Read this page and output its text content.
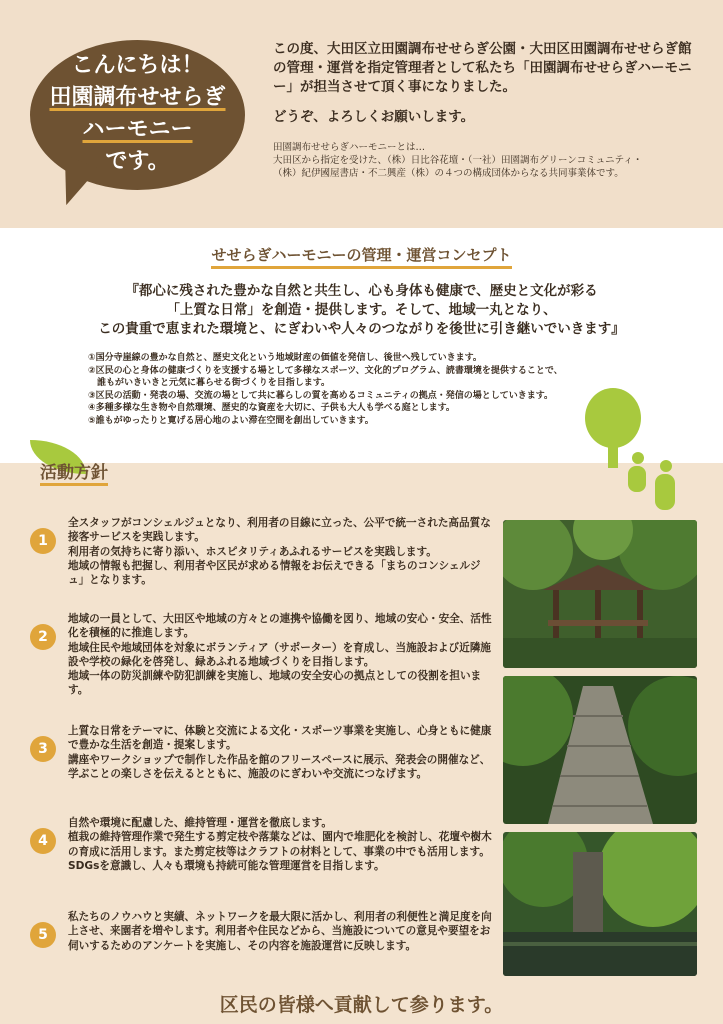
こんにちは！
田園調布せせらぎ
ハーモニー
です。

この度、大田区立田園調布せせらぎ公園・大田区田園調布せせらぎ館の管理・運営を指定管理者として私たち「田園調布せせらぎハーモニー」が担当させて頂く事になりました。

どうぞ、よろしくお願いします。

田園調布せせらぎハーモニーとは…

大田区から指定を受けた、（株）日比谷花壇・（一社）田園調布グリーンコミュニティ・

（株）紀伊國屋書店・不二興産（株）の４つの構成団体からなる共同事業体です。

せせらぎハーモニーの管理・運営コンセプト
『都心に残された豊かな自然と共生し、心も身体も健康で、歴史と文化が彩る
「上質な日常」を創造・提供します。そして、地域一丸となり、
この貴重で恵まれた環境と、にぎわいや人々のつながりを後世に引き継いでいきます』
①国分寺崖線の豊かな自然と、歴史文化という地域財産の価値を発信し、後世へ残していきます。
②区民の心と身体の健康づくりを支援する場として多様なスポーツ、文化的プログラム、読書環境を提供することで、
　誰もがいきいきと元気に暮らせる街づくりを目指します。
③区民の活動・発表の場、交流の場として共に暮らしの質を高めるコミュニティの拠点・発信の場としていきます。
④多種多様な生き物や自然環境、歴史的な資産を大切に、子供も大人も学べる庭とします。
⑤誰もがゆったりと寛げる居心地のよい滞在空間を創出していきます。
活動方針
1

全スタッフがコンシェルジュとなり、利用者の目線に立った、公平で統一された高品質な接客サービスを実践します。

利用者の気持ちに寄り添い、ホスピタリティあふれるサービスを実践します。

地域の情報も把握し、利用者や区民が求める情報をお伝えできる「まちのコンシェルジュ」となります。

2

地域の一員として、大田区や地域の方々との連携や協働を図り、地域の安心・安全、活性化を積極的に推進します。

地域住民や地域団体を対象にボランティア（サポーター）を育成し、当施設および近隣施設や学校の緑化を啓発し、緑あふれる地域づくりを目指します。

地域一体の防災訓練や防犯訓練を実施し、地域の安全安心の拠点としての役割を担います。

3

上質な日常をテーマに、体験と交流による文化・スポーツ事業を実施し、心身ともに健康で豊かな生活を創造・提案します。

講座やワークショップで制作した作品を館のフリースペースに展示、発表会の開催など、学ぶことの楽しさを伝えるとともに、施設のにぎわいや交流につなげます。

4

自然や環境に配慮した、維持管理・運営を徹底します。

植栽の維持管理作業で発生する剪定枝や落葉などは、園内で堆肥化を検討し、花壇や樹木の育成に活用します。また剪定枝等はクラフトの材料として、事業の中でも活用します。

SDGsを意識し、人々も環境も持続可能な管理運営を目指します。

5

私たちのノウハウと実績、ネットワークを最大限に活かし、利用者の利便性と満足度を向上させ、来園者を増やします。利用者や住民などから、当施設についての意見や要望をお伺いするためのアンケートを実施し、その内容を施設運営に反映します。

区民の皆様へ貢献して参ります。
